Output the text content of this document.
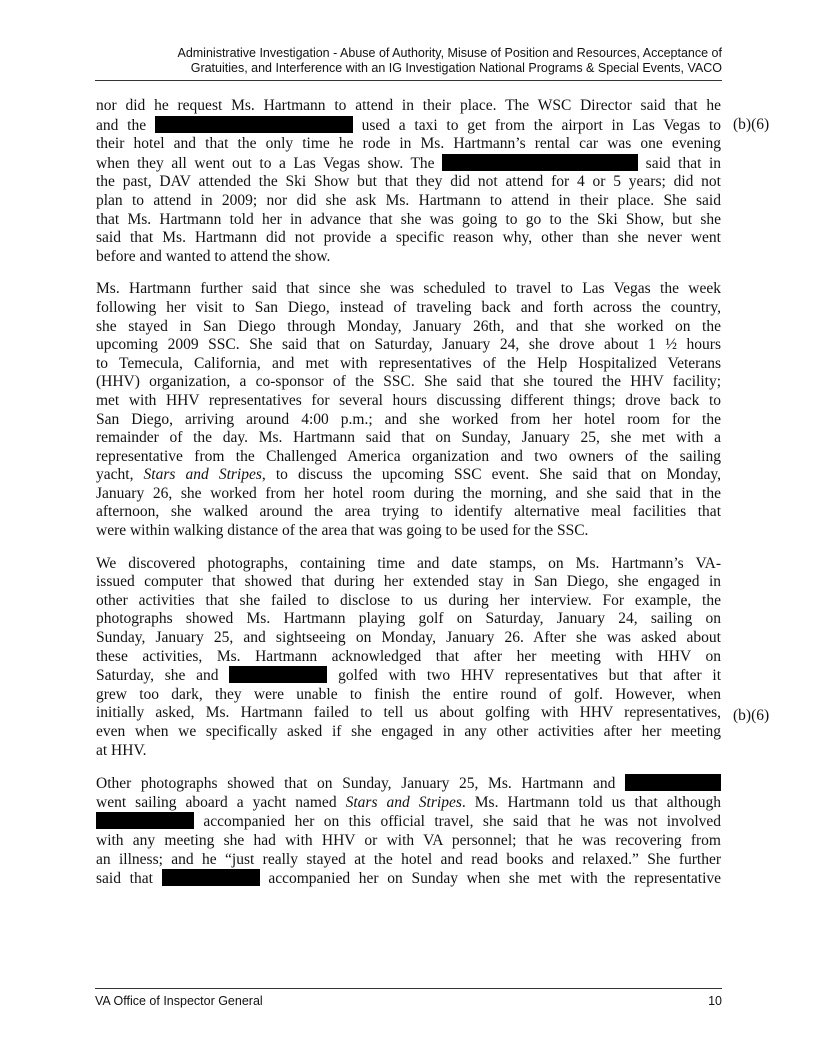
Administrative Investigation - Abuse of Authority, Misuse of Position and Resources, Acceptance of
Gratuities, and Interference with an IG Investigation National Programs & Special Events, VACO

nor did he request Ms. Hartmann to attend in their place. The WSC Director said that he
and the	used a taxi to get from the airport in Las Vegas to
their hotel and that the only time he rode in Ms. Hartmann’s rental car was one evening
when they all went out to a Las Vegas show. The	said that in
the past, DAV attended the Ski Show but that they did not attend for 4 or 5 years; did not
plan to attend in 2009; nor did she ask Ms. Hartmann to attend in their place. She said
that Ms. Hartmann told her in advance that she was going to go to the Ski Show, but she
said that Ms. Hartmann did not provide a specific reason why, other than she never went
before and wanted to attend the show.

Ms. Hartmann further said that since she was scheduled to travel to Las Vegas the week
following her visit to San Diego, instead of traveling back and forth across the country,
she stayed in San Diego through Monday, January 26th, and that she worked on the
upcoming 2009 SSC. She said that on Saturday, January 24, she drove about 1 ½ hours
to Temecula, California, and met with representatives of the Help Hospitalized Veterans
(HHV) organization, a co-sponsor of the SSC. She said that she toured the HHV facility;
met with HHV representatives for several hours discussing different things; drove back to
San Diego, arriving around 4:00 p.m.; and she worked from her hotel room for the
remainder of the day. Ms. Hartmann said that on Sunday, January 25, she met with a
representative from the Challenged America organization and two owners of the sailing
yacht, Stars and Stripes, to discuss the upcoming SSC event. She said that on Monday,
January 26, she worked from her hotel room during the morning, and she said that in the
afternoon, she walked around the area trying to identify alternative meal facilities that
were within walking distance of the area that was going to be used for the SSC.

We discovered photographs, containing time and date stamps, on Ms. Hartmann’s VA-
issued computer that showed that during her extended stay in San Diego, she engaged in
other activities that she failed to disclose to us during her interview. For example, the
photographs showed Ms. Hartmann playing golf on Saturday, January 24, sailing on
Sunday, January 25, and sightseeing on Monday, January 26. After she was asked about
these activities, Ms. Hartmann acknowledged that after her meeting with HHV on
Saturday, she and	golfed with two HHV representatives but that after it
grew too dark, they were unable to finish the entire round of golf. However, when
initially asked, Ms. Hartmann failed to tell us about golfing with HHV representatives,
even when we specifically asked if she engaged in any other activities after her meeting
at HHV.

Other photographs showed that on Sunday, January 25, Ms. Hartmann and
went sailing aboard a yacht named Stars and Stripes. Ms. Hartmann told us that although
accompanied her on this official travel, she said that he was not involved
with any meeting she had with HHV or with VA personnel; that he was recovering from
an illness; and he “just really stayed at the hotel and read books and relaxed.” She further
said that	accompanied her on Sunday when she met with the representative

(b)(6)
(b)(6)
VA Office of Inspector General	10
